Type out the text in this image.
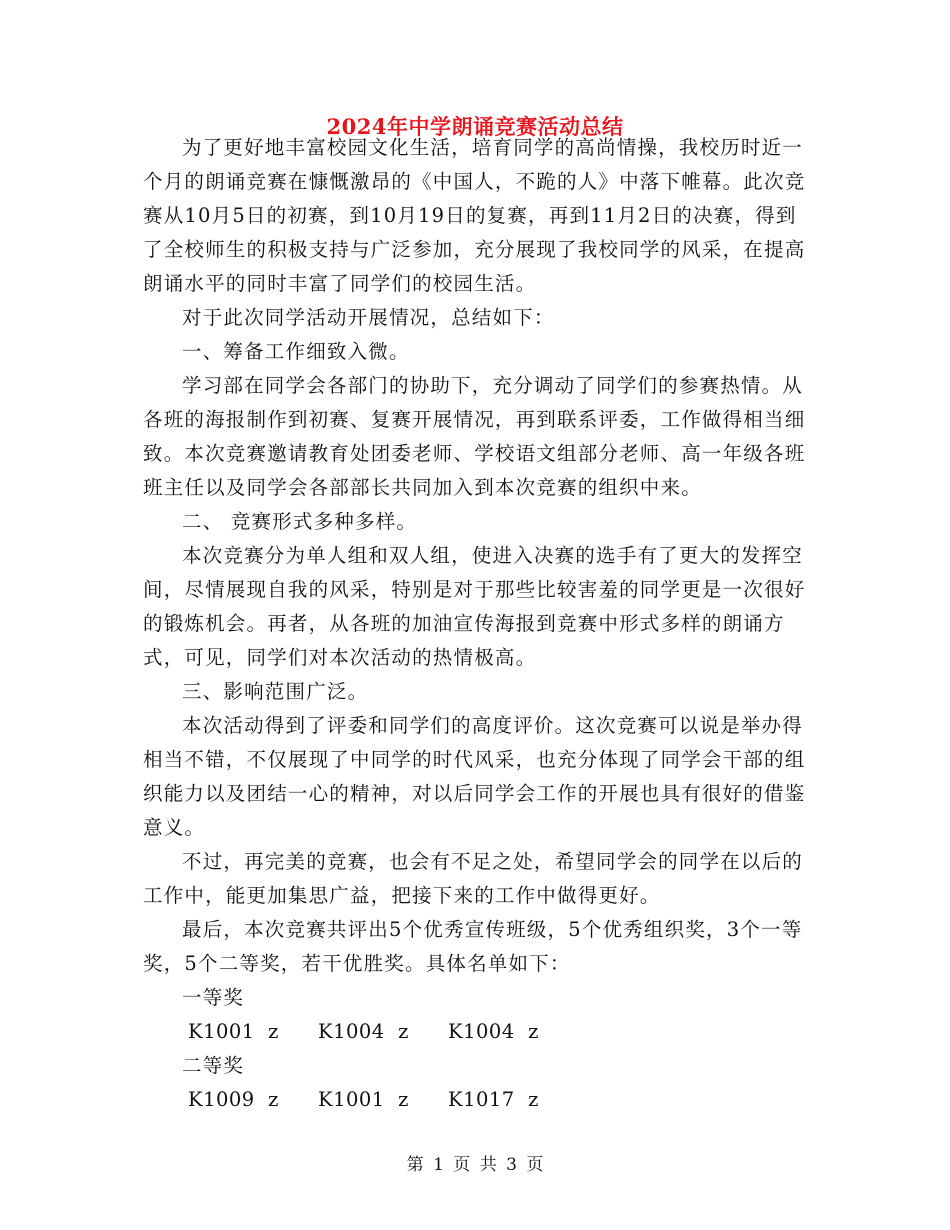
2024年中学朗诵竞赛活动总结

为了更好地丰富校园文化生活，培育同学的高尚情操，我校历时近一个月的朗诵竞赛在慷慨激昂的《中国人，不跪的人》中落下帷幕。此次竞赛从10月5日的初赛，到10月19日的复赛，再到11月2日的决赛，得到了全校师生的积极支持与广泛参加，充分展现了我校同学的风采，在提高朗诵水平的同时丰富了同学们的校园生活。

对于此次同学活动开展情况，总结如下：

一、筹备工作细致入微。

学习部在同学会各部门的协助下，充分调动了同学们的参赛热情。从各班的海报制作到初赛、复赛开展情况，再到联系评委，工作做得相当细致。本次竞赛邀请教育处团委老师、学校语文组部分老师、高一年级各班班主任以及同学会各部部长共同加入到本次竞赛的组织中来。

二、 竞赛形式多种多样。

本次竞赛分为单人组和双人组，使进入决赛的选手有了更大的发挥空间，尽情展现自我的风采，特别是对于那些比较害羞的同学更是一次很好的锻炼机会。再者，从各班的加油宣传海报到竞赛中形式多样的朗诵方式，可见，同学们对本次活动的热情极高。

三、影响范围广泛。

本次活动得到了评委和同学们的高度评价。这次竞赛可以说是举办得相当不错，不仅展现了中同学的时代风采，也充分体现了同学会干部的组织能力以及团结一心的精神，对以后同学会工作的开展也具有很好的借鉴意义。

不过，再完美的竞赛，也会有不足之处，希望同学会的同学在以后的工作中，能更加集思广益，把接下来的工作中做得更好。

最后，本次竞赛共评出5个优秀宣传班级，5个优秀组织奖，3个一等奖，5个二等奖，若干优胜奖。具体名单如下：

一等奖

K1001  z	K1004  z	K1004  z

二等奖

K1009  z	K1001  z	K1017  z
第 1 页 共 3 页
